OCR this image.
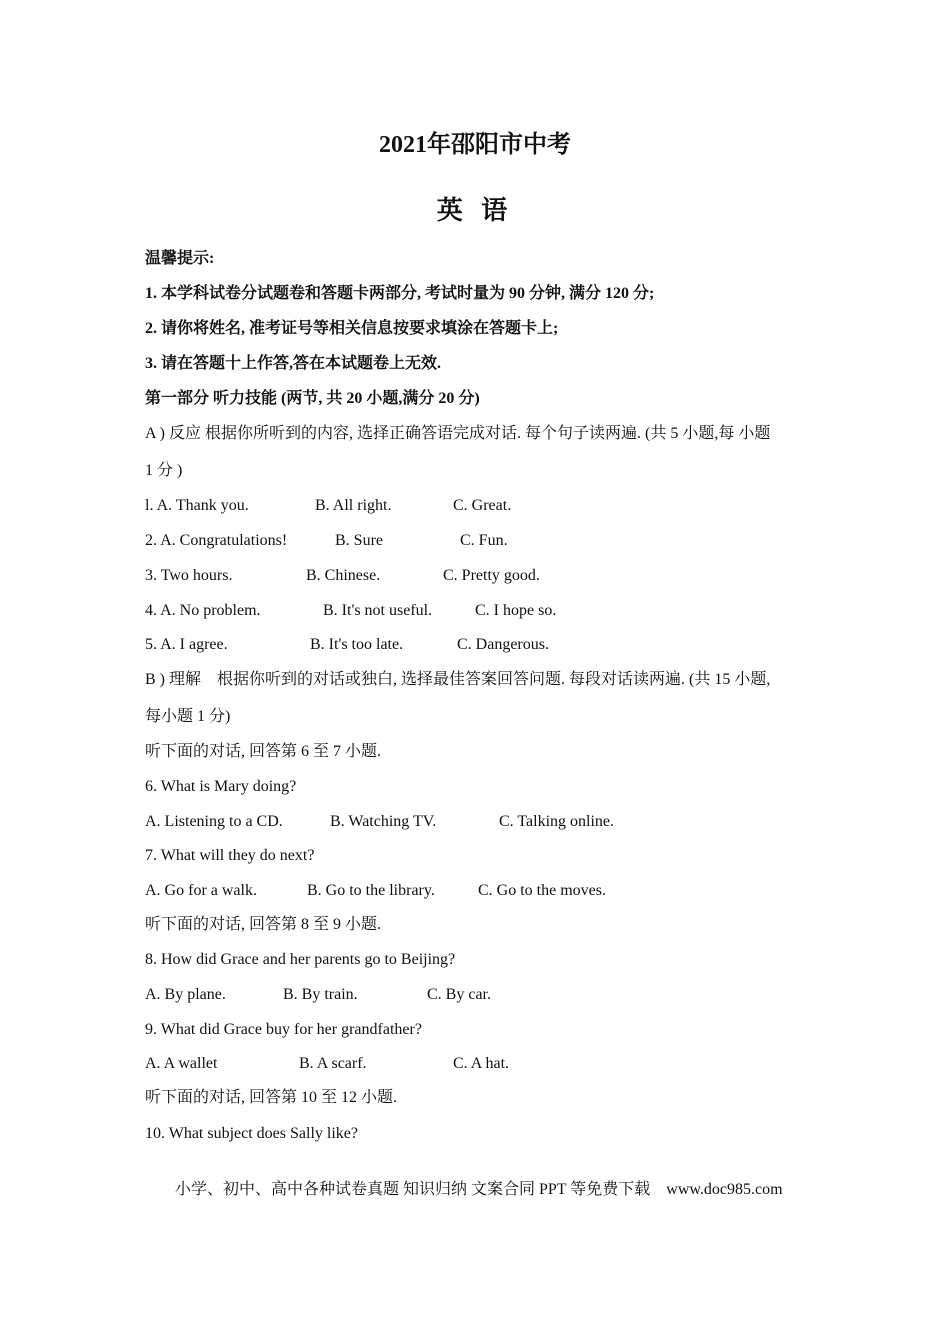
2021年邵阳市中考
英 语
温馨提示:
1. 本学科试卷分试题卷和答题卡两部分, 考试时量为 90 分钟, 满分 120 分;
2. 请你将姓名, 准考证号等相关信息按要求填涂在答题卡上;
3. 请在答题十上作答,答在本试题卷上无效.
第一部分 听力技能 (两节, 共 20 小题,满分 20 分)
A ) 反应 根据你所听到的内容, 选择正确答语完成对话. 每个句子读两遍. (共 5 小题,每 小题
1 分 )
l. A. Thank you.	B. All right.	C. Great.
2. A. Congratulations!	B. Sure	C. Fun.
3. Two hours.	B. Chinese.	C. Pretty good.
4. A. No problem.	B. It's not useful.	C. I hope so.
5. A. I agree.	B. It's too late.	C. Dangerous.
B ) 理解　根据你听到的对话或独白, 选择最佳答案回答问题. 每段对话读两遍. (共 15 小题,
每小题 1 分)
听下面的对话, 回答第 6 至 7 小题.
6. What is Mary doing?
A. Listening to a CD.	B. Watching TV.	C. Talking online.
7. What will they do next?
A. Go for a walk.	B. Go to the library.	C. Go to the moves.
听下面的对话, 回答第 8 至 9 小题.
8. How did Grace and her parents go to Beijing?
A. By plane.	B. By train.	C. By car.
9. What did Grace buy for her grandfather?
A. A wallet	B. A scarf.	C. A hat.
听下面的对话, 回答第 10 至 12 小题.
10. What subject does Sally like?
小学、初中、高中各种试卷真题 知识归纳 文案合同 PPT 等免费下载　www.doc985.com
